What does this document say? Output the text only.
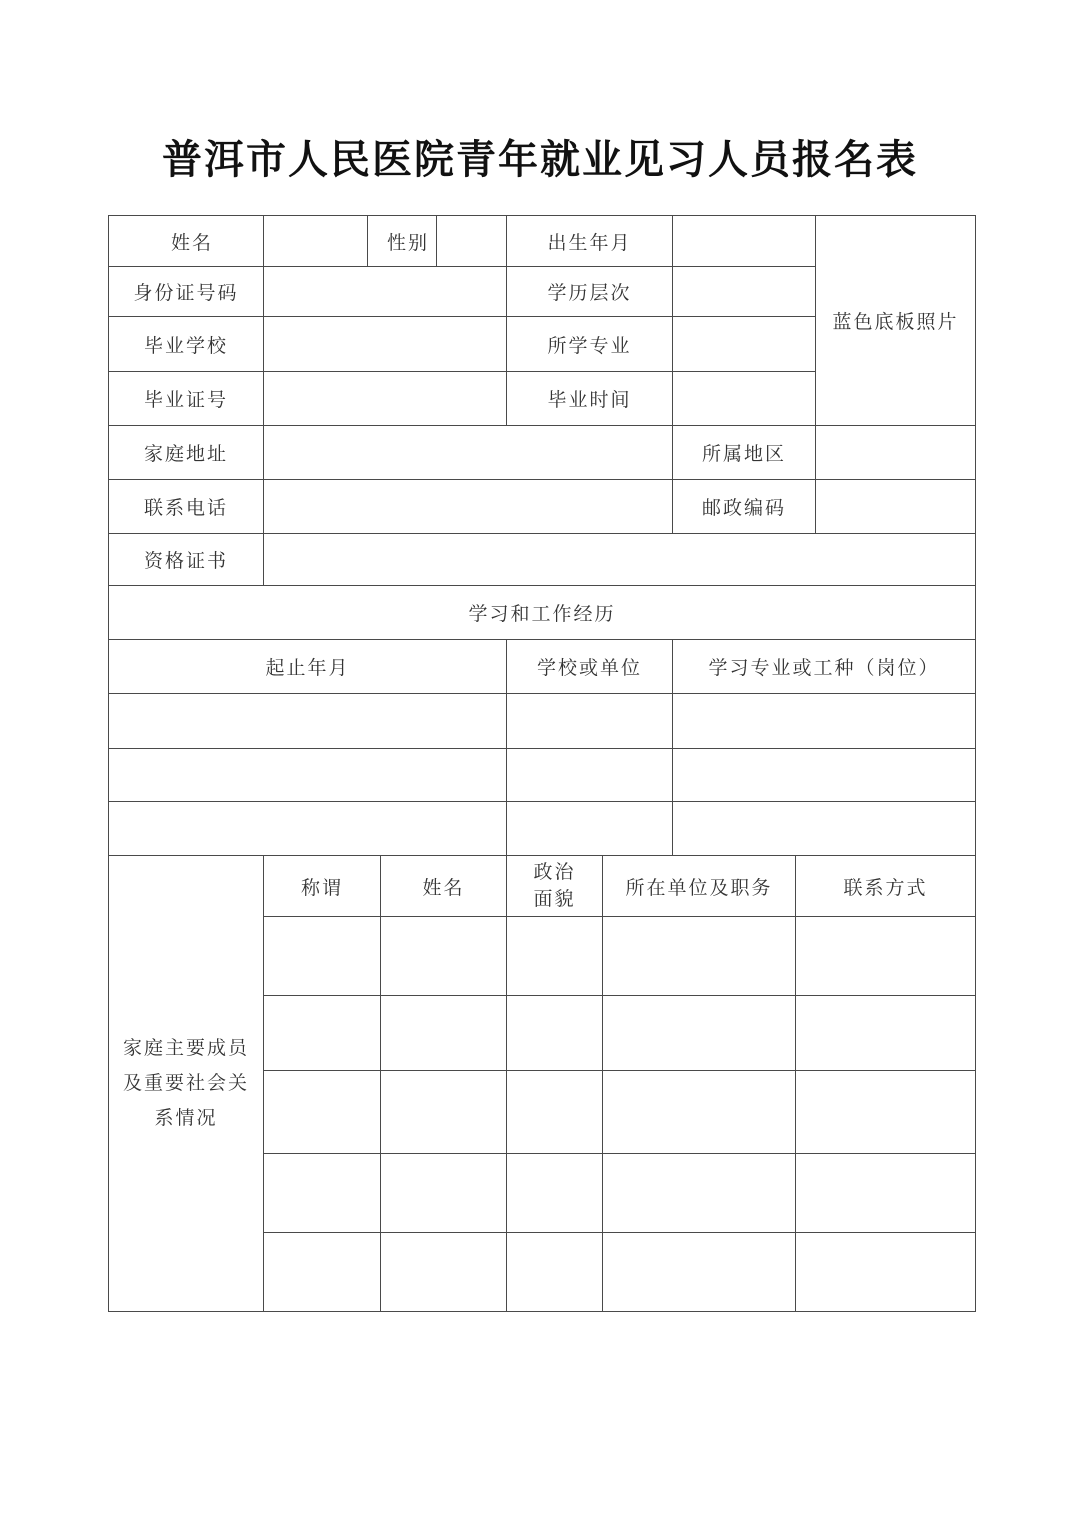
普洱市人民医院青年就业见习人员报名表
姓名		性别			出生年月				蓝色底板照片
身份证号码					学历层次				
毕业学校					所学专业				
毕业证号					毕业时间				
家庭地址							所属地区		
联系电话							邮政编码		
资格证书									
学习和工作经历									
起止年月					学校或单位		学习专业或工种（岗位）		

家庭主要成员及重要社会关系情况	称谓		姓名		政治面貌	所在单位及职务		联系方式	
